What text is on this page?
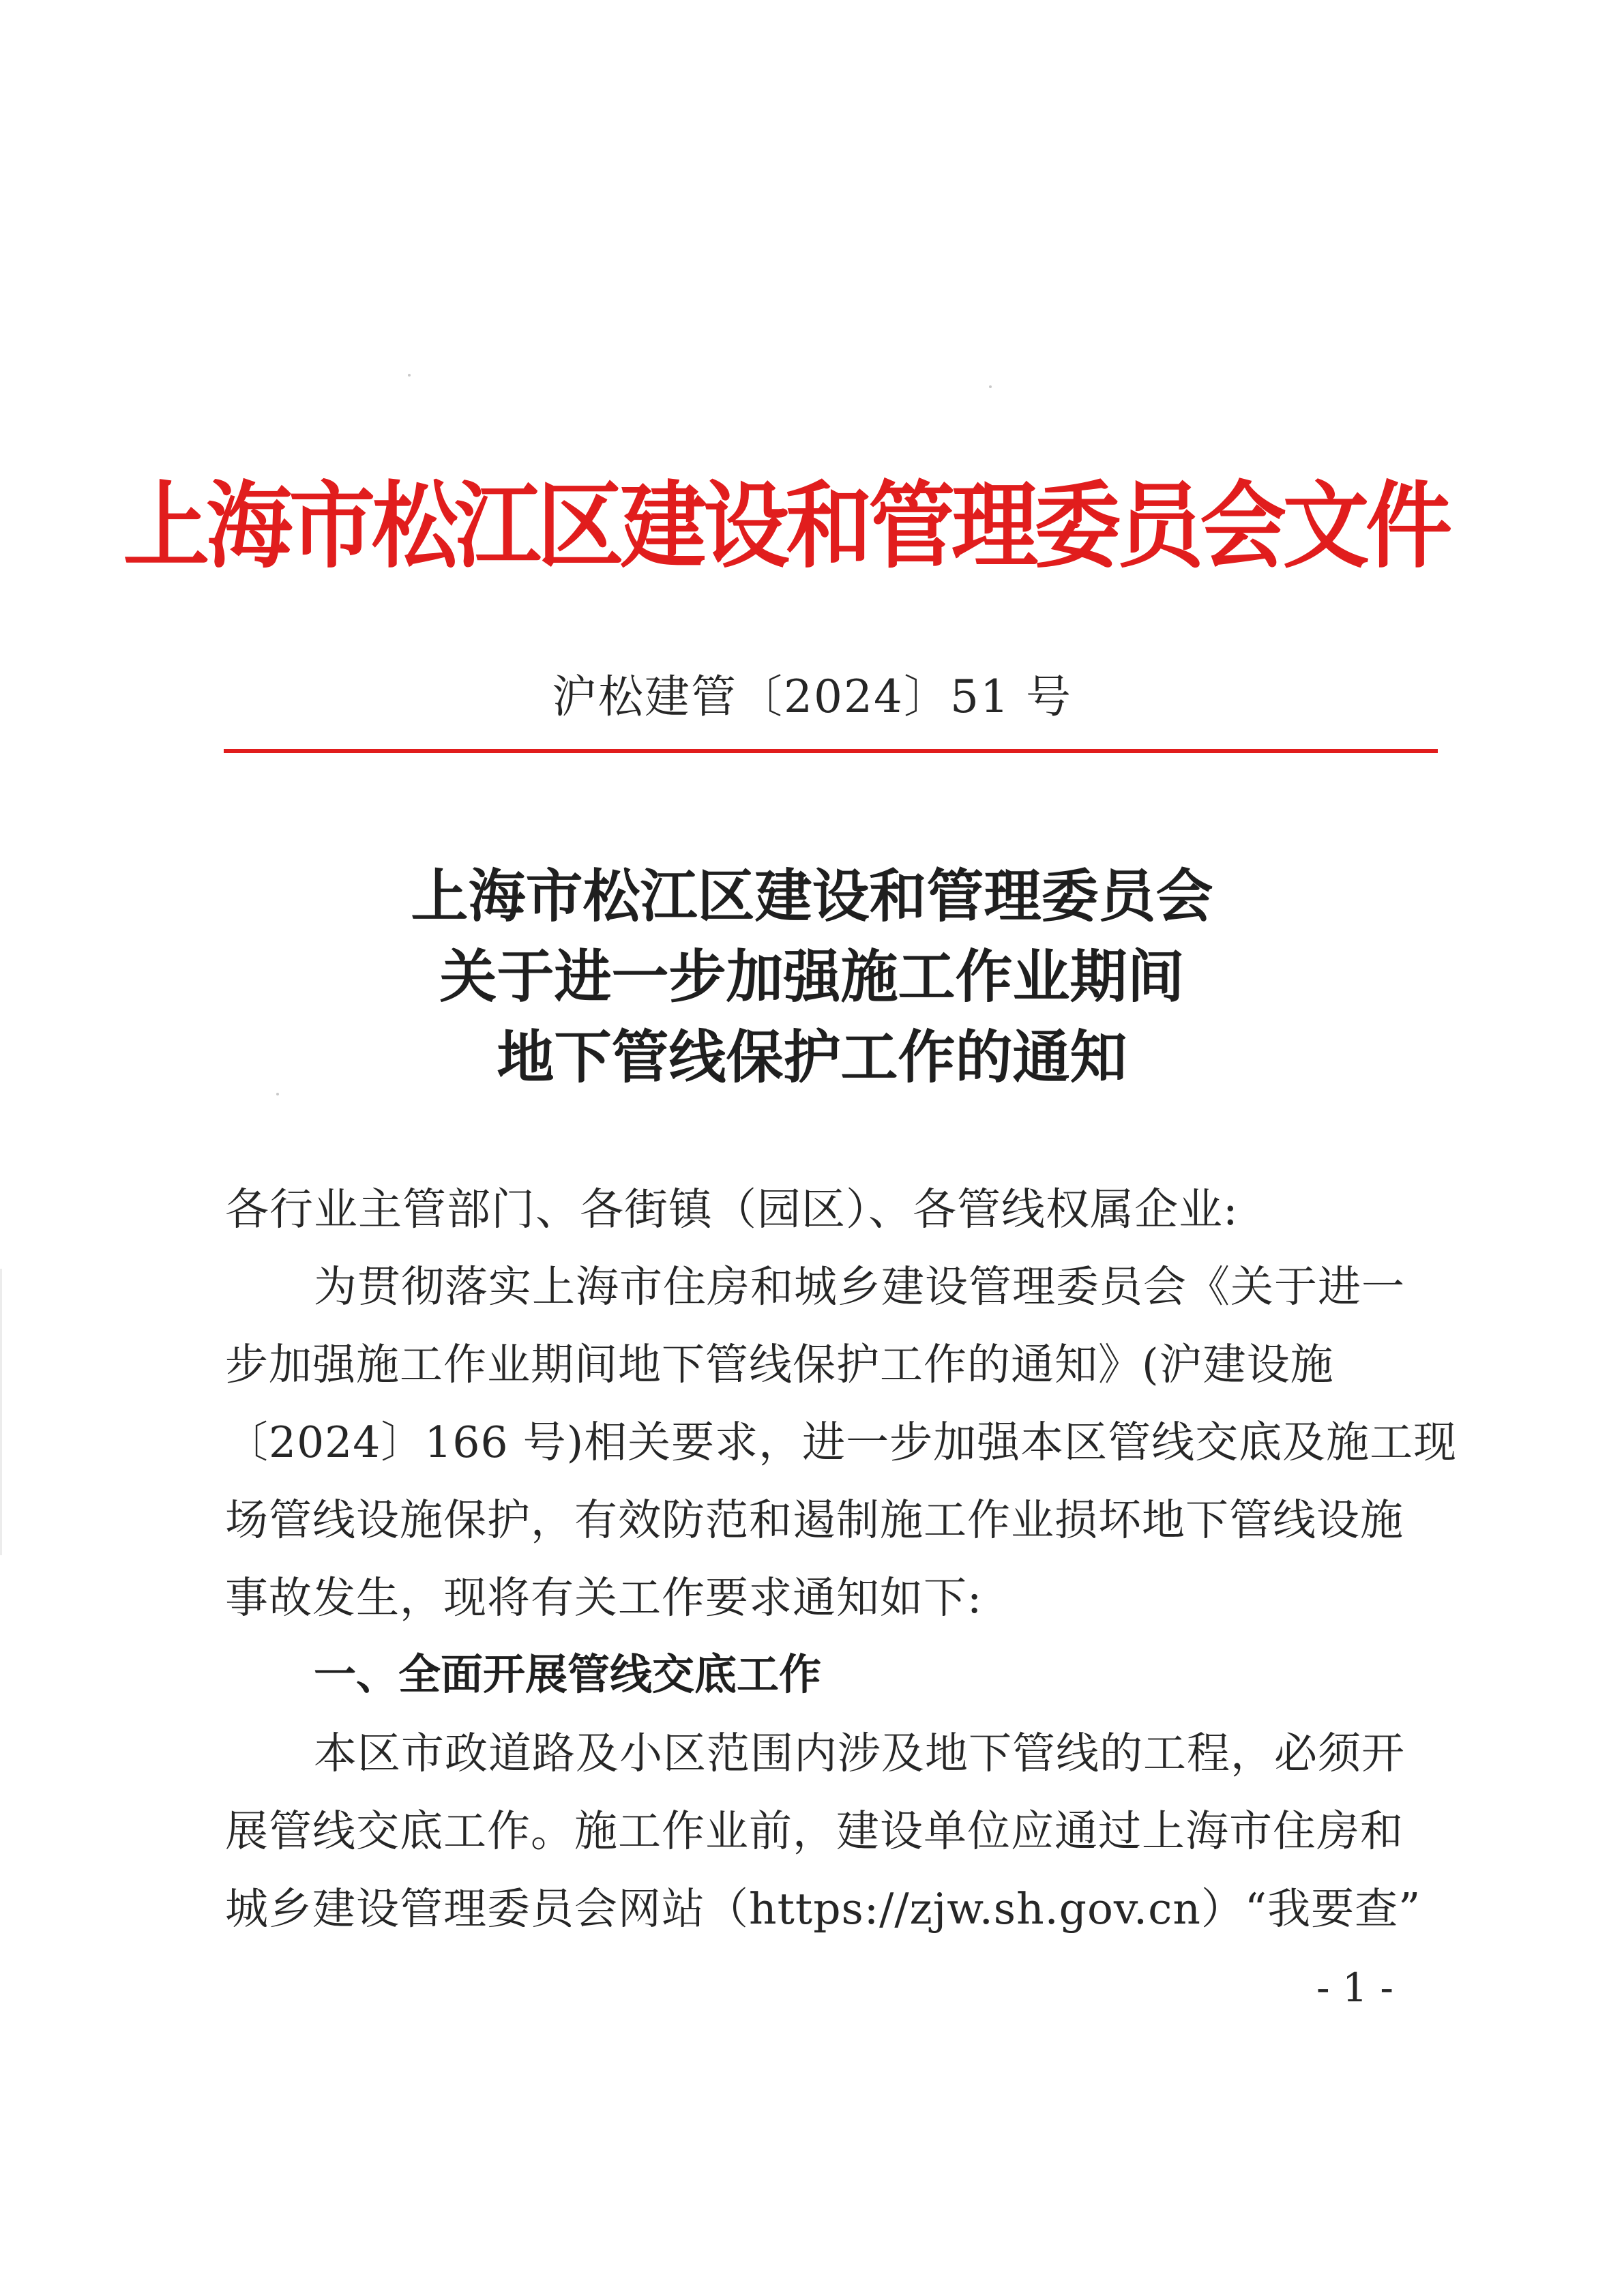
上海市松江区建设和管理委员会文件
沪松建管〔2024〕51 号
上海市松江区建设和管理委员会
关于进一步加强施工作业期间
地下管线保护工作的通知
各行业主管部门、各街镇（园区）、各管线权属企业:
为贯彻落实上海市住房和城乡建设管理委员会《关于进一
步加强施工作业期间地下管线保护工作的通知》(沪建设施
〔2024〕166 号)相关要求，进一步加强本区管线交底及施工现
场管线设施保护，有效防范和遏制施工作业损坏地下管线设施
事故发生，现将有关工作要求通知如下:
一、全面开展管线交底工作
本区市政道路及小区范围内涉及地下管线的工程，必须开
展管线交底工作。施工作业前，建设单位应通过上海市住房和
城乡建设管理委员会网站（https://zjw.sh.gov.cn）“我要查”
- 1 -
